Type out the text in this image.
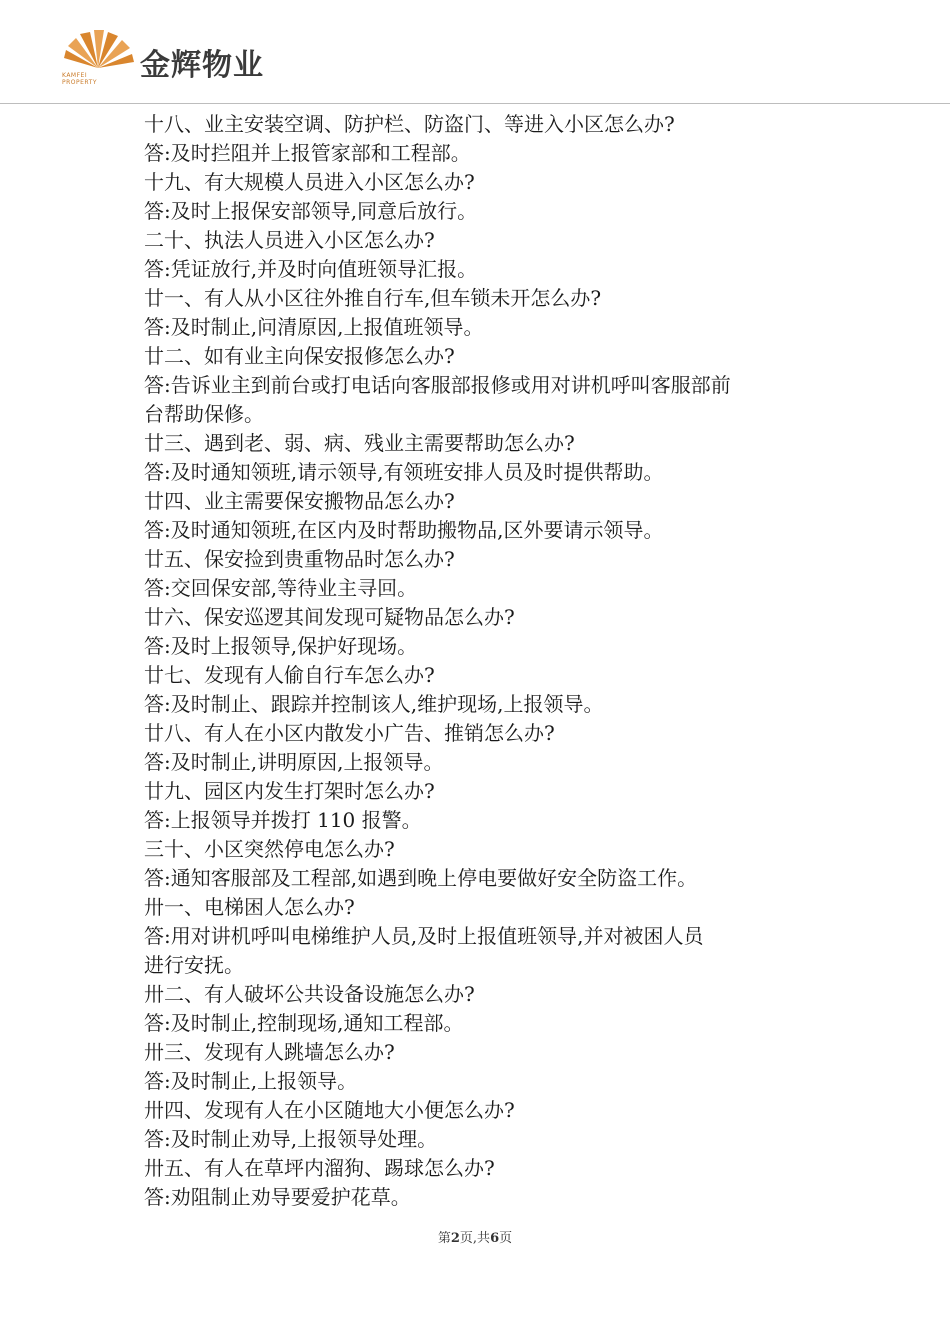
KAMFEI
PROPERTY	金辉物业
十八、业主安装空调、防护栏、防盗门、等进入小区怎么办?
答:及时拦阻并上报管家部和工程部。
十九、有大规模人员进入小区怎么办?
答:及时上报保安部领导,同意后放行。
二十、执法人员进入小区怎么办?
答:凭证放行,并及时向值班领导汇报。
廿一、有人从小区往外推自行车,但车锁未开怎么办?
答:及时制止,问清原因,上报值班领导。
廿二、如有业主向保安报修怎么办?
答:告诉业主到前台或打电话向客服部报修或用对讲机呼叫客服部前
台帮助保修。
廿三、遇到老、弱、病、残业主需要帮助怎么办?
答:及时通知领班,请示领导,有领班安排人员及时提供帮助。
廿四、业主需要保安搬物品怎么办?
答:及时通知领班,在区内及时帮助搬物品,区外要请示领导。
廿五、保安捡到贵重物品时怎么办?
答:交回保安部,等待业主寻回。
廿六、保安巡逻其间发现可疑物品怎么办?
答:及时上报领导,保护好现场。
廿七、发现有人偷自行车怎么办?
答:及时制止、跟踪并控制该人,维护现场,上报领导。
廿八、有人在小区内散发小广告、推销怎么办?
答:及时制止,讲明原因,上报领导。
廿九、园区内发生打架时怎么办?
答:上报领导并拨打 110 报警。
三十、小区突然停电怎么办?
答:通知客服部及工程部,如遇到晚上停电要做好安全防盗工作。
卅一、电梯困人怎么办?
答:用对讲机呼叫电梯维护人员,及时上报值班领导,并对被困人员
进行安抚。
卅二、有人破坏公共设备设施怎么办?
答:及时制止,控制现场,通知工程部。
卅三、发现有人跳墙怎么办?
答:及时制止,上报领导。
卅四、发现有人在小区随地大小便怎么办?
答:及时制止劝导,上报领导处理。
卅五、有人在草坪内溜狗、踢球怎么办?
答:劝阻制止劝导要爱护花草。
第2页,共6页
